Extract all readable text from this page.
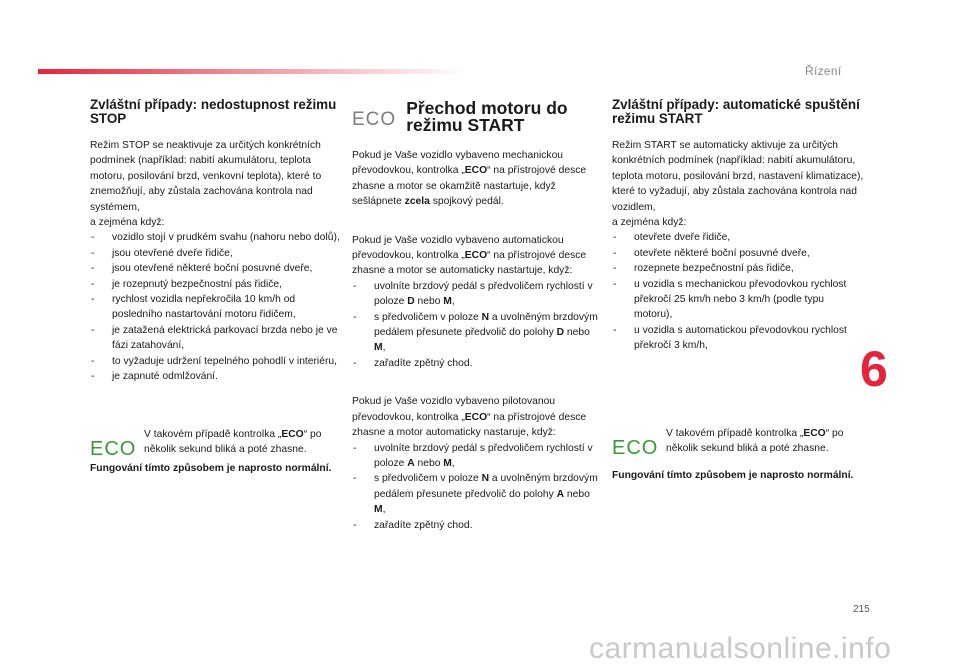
Řízení
Zvláštní případy: nedostupnost režimu STOP

Režim STOP se neaktivuje za určitých konkrétních podmínek (například: nabití akumulátoru, teplota motoru, posilování brzd, venkovní teplota), které to znemožňují, aby zůstala zachována kontrola nad systémem,

a zejména když:

- vozidlo stojí v prudkém svahu (nahoru nebo dolů),
- jsou otevřené dveře řidiče,
- jsou otevřené některé boční posuvné dveře,
- je rozepnutý bezpečnostní pás řidiče,
- rychlost vozidla nepřekročila 10 km/h od posledního nastartování motoru řidičem,
- je zatažená elektrická parkovací brzda nebo je ve fázi zatahování,
- to vyžaduje udržení tepelného pohodlí v interiéru,
- je zapnuté odmlžování.
ECO

V takovém případě kontrolka „ECO“ po několik sekund bliká a poté zhasne.

Fungování tímto způsobem je naprosto normální.

ECO
Přechod motoru do režimu START

Pokud je Vaše vozidlo vybaveno mechanickou převodovkou, kontrolka „ECO“ na přístrojové desce zhasne a motor se okamžitě nastartuje, když sešlápnete zcela spojkový pedál.

Pokud je Vaše vozidlo vybaveno automatickou převodovkou, kontrolka „ECO“ na přístrojové desce zhasne a motor se automaticky nastartuje, když:

- uvolníte brzdový pedál s předvoličem rychlostí v poloze D nebo M,
- s předvoličem v poloze N a uvolněným brzdovým pedálem přesunete předvolič do polohy D nebo M,
- zařadíte zpětný chod.

Pokud je Vaše vozidlo vybaveno pilotovanou převodovkou, kontrolka „ECO“ na přístrojové desce zhasne a motor automaticky nastaruje, když:

- uvolníte brzdový pedál s předvoličem rychlostí v poloze A nebo M,
- s předvoličem v poloze N a uvolněným brzdovým pedálem přesunete předvolič do polohy A nebo M,
- zařadíte zpětný chod.
Zvláštní případy: automatické spuštění režimu START

Režim START se automaticky aktivuje za určitých konkrétních podmínek (například: nabití akumulátoru, teplota motoru, posilování brzd, nastavení klimatizace), které to vyžadují, aby zůstala zachována kontrola nad vozidlem,

a zejména když:

- otevřete dveře řidiče,
- otevřete některé boční posuvné dveře,
- rozepnete bezpečnostní pás řidiče,
- u vozidla s mechanickou převodovkou rychlost překročí 25 km/h nebo 3 km/h (podle typu motoru),
- u vozidla s automatickou převodovkou rychlost překročí 3 km/h,
ECO

V takovém případě kontrolka „ECO“ po několik sekund bliká a poté zhasne.

Fungování tímto způsobem je naprosto normální.

6
215
carmanualsonline.info
